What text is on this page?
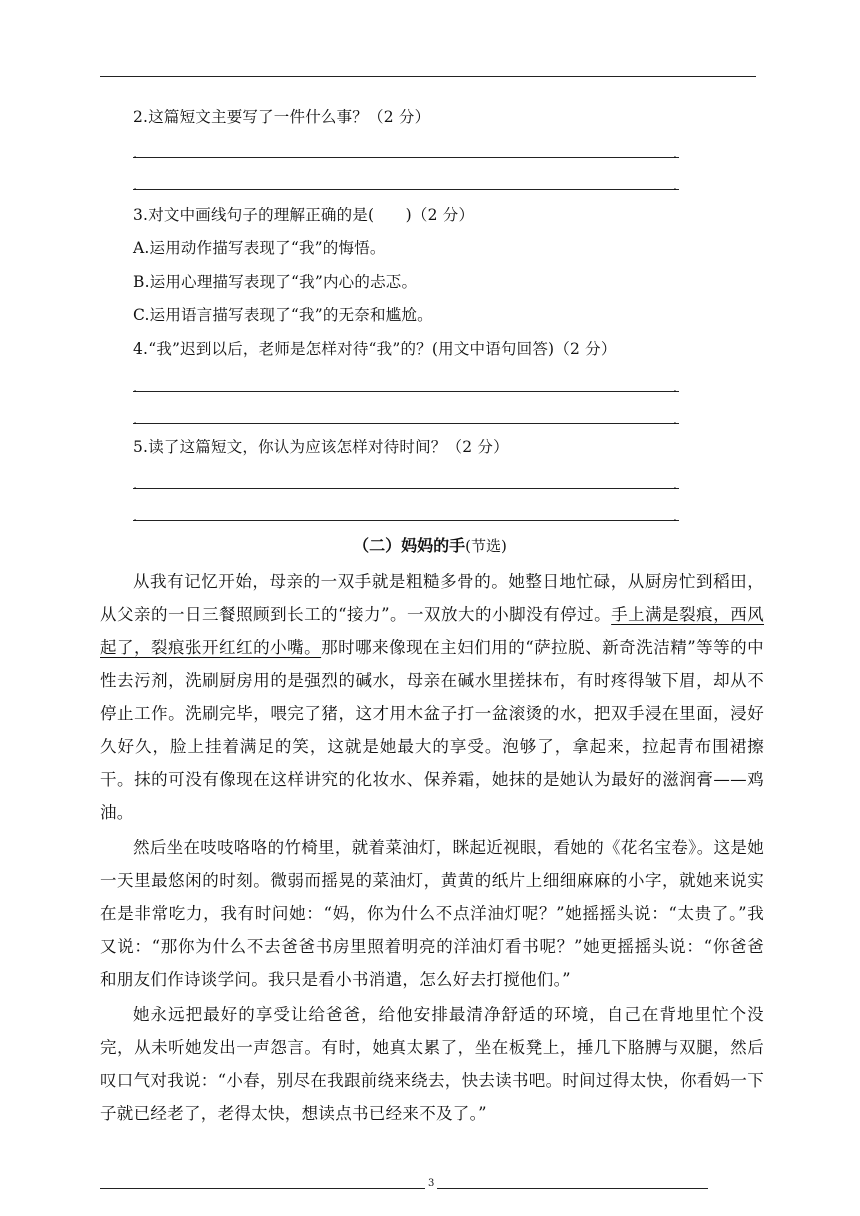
2.这篇短文主要写了一件什么事？（2 分）
.	.
.	.
3.对文中画线句子的理解正确的是(　　)（2 分）
A.运用动作描写表现了“我”的悔悟。
B.运用心理描写表现了“我”内心的忐忑。
C.运用语言描写表现了“我”的无奈和尴尬。
4.“我”迟到以后，老师是怎样对待“我”的？(用文中语句回答)（2 分）
.	.
.	.
5.读了这篇短文，你认为应该怎样对待时间？（2 分）
.	.
.	.
（二）妈妈的手(节选)
从我有记忆开始，母亲的一双手就是粗糙多骨的。她整日地忙碌，从厨房忙到稻田，从父亲的一日三餐照顾到长工的“接力”。一双放大的小脚没有停过。手上满是裂痕，西风起了，裂痕张开红红的小嘴。那时哪来像现在主妇们用的“萨拉脱、新奇洗洁精”等等的中性去污剂，洗刷厨房用的是强烈的碱水，母亲在碱水里搓抹布，有时疼得皱下眉，却从不停止工作。洗刷完毕，喂完了猪，这才用木盆子打一盆滚烫的水，把双手浸在里面，浸好久好久，脸上挂着满足的笑，这就是她最大的享受。泡够了，拿起来，拉起青布围裙擦干。抹的可没有像现在这样讲究的化妆水、保养霜，她抹的是她认为最好的滋润膏——鸡油。
然后坐在吱吱咯咯的竹椅里，就着菜油灯，眯起近视眼，看她的《花名宝卷》。这是她一天里最悠闲的时刻。微弱而摇晃的菜油灯，黄黄的纸片上细细麻麻的小字，就她来说实在是非常吃力，我有时问她：“妈，你为什么不点洋油灯呢？”她摇摇头说：“太贵了。”我又说：“那你为什么不去爸爸书房里照着明亮的洋油灯看书呢？”她更摇摇头说：“你爸爸和朋友们作诗谈学问。我只是看小书消遣，怎么好去打搅他们。”
她永远把最好的享受让给爸爸，给他安排最清净舒适的环境，自己在背地里忙个没完，从未听她发出一声怨言。有时，她真太累了，坐在板凳上，捶几下胳膊与双腿，然后叹口气对我说：“小春，别尽在我跟前绕来绕去，快去读书吧。时间过得太快，你看妈一下子就已经老了，老得太快，想读点书已经来不及了。”
3
